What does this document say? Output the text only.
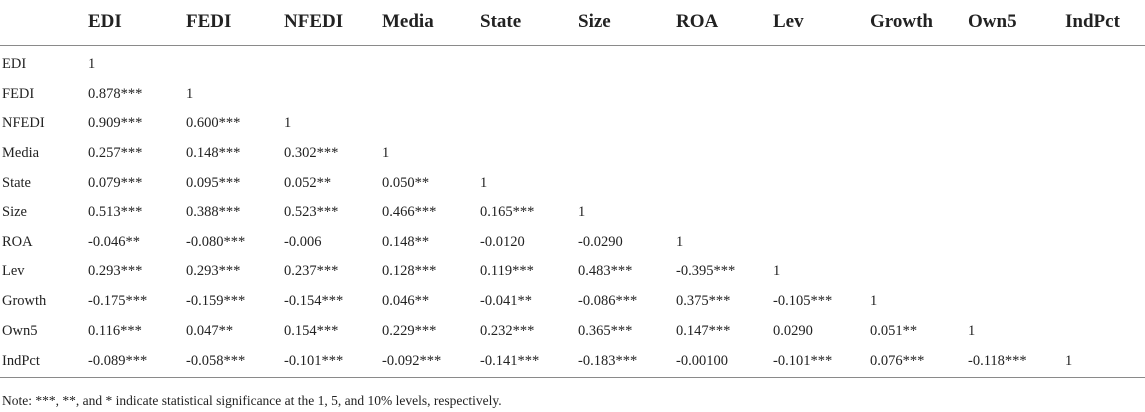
	EDI	FEDI	NFEDI	Media	State	Size	ROA	Lev	Growth	Own5	IndPct

EDI	1										
FEDI	0.878***	1									
NFEDI	0.909***	0.600***	1								
Media	0.257***	0.148***	0.302***	1							
State	0.079***	0.095***	0.052**	0.050**	1						
Size	0.513***	0.388***	0.523***	0.466***	0.165***	1					
ROA	-0.046**	-0.080***	-0.006	0.148**	-0.0120	-0.0290	1				
Lev	0.293***	0.293***	0.237***	0.128***	0.119***	0.483***	-0.395***	1			
Growth	-0.175***	-0.159***	-0.154***	0.046**	-0.041**	-0.086***	0.375***	-0.105***	1		
Own5	0.116***	0.047**	0.154***	0.229***	0.232***	0.365***	0.147***	0.0290	0.051**	1	
IndPct	-0.089***	-0.058***	-0.101***	-0.092***	-0.141***	-0.183***	-0.00100	-0.101***	0.076***	-0.118***	1
Note: ***, **, and * indicate statistical significance at the 1, 5, and 10% levels, respectively.
